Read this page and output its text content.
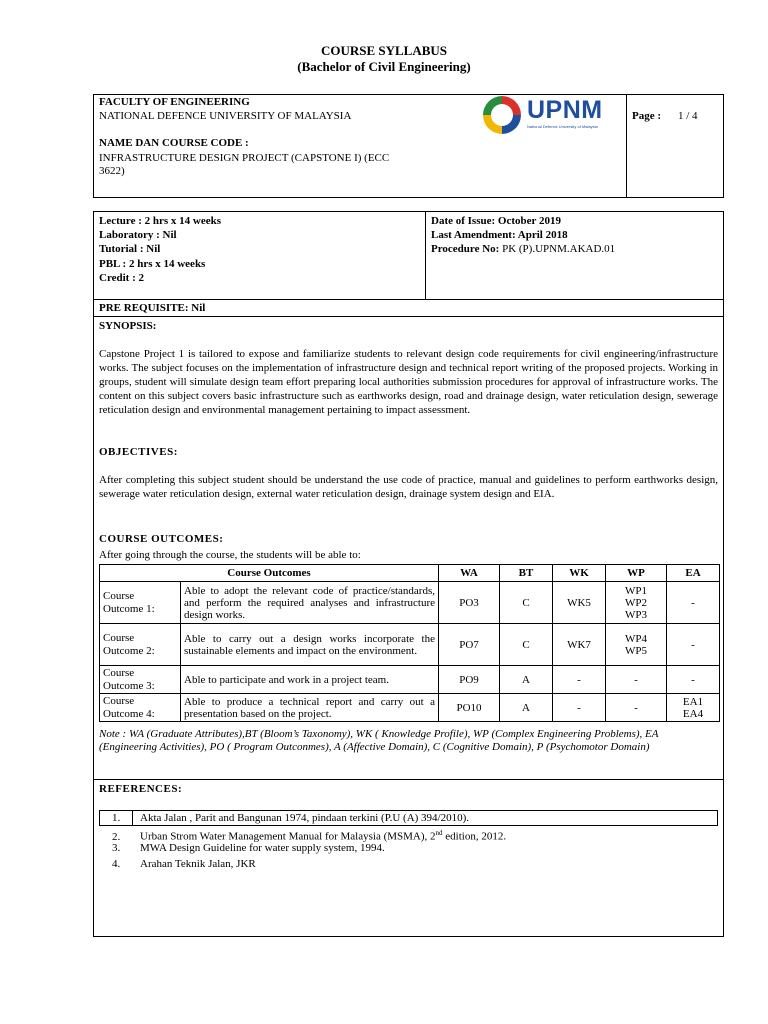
COURSE SYLLABUS
(Bachelor of Civil Engineering)
FACULTY OF ENGINEERING
NATIONAL DEFENCE UNIVERSITY OF MALAYSIA
NAME DAN COURSE CODE :
INFRASTRUCTURE DESIGN PROJECT (CAPSTONE I) (ECC
3622)
UPNM
National Defence University of Malaysia
Page : 1 / 4
Lecture : 2 hrs x 14 weeks
Laboratory : Nil
Tutorial : Nil
PBL : 2 hrs x 14 weeks
Credit : 2
Date of Issue: October 2019
Last Amendment: April 2018
Procedure No: PK (P).UPNM.AKAD.01
PRE REQUISITE: Nil
SYNOPSIS:
Capstone Project 1 is tailored to expose and familiarize students to relevant design code requirements for civil engineering/infrastructure works. The subject focuses on the implementation of infrastructure design and technical report writing of the proposed projects. Working in groups, student will simulate design team effort preparing local authorities submission procedures for approval of infrastructure works. The content on this subject covers basic infrastructure such as earthworks design, road and drainage design, water reticulation design, sewerage reticulation design and environmental management pertaining to impact assessment.
OBJECTIVES:
After completing this subject student should be understand the use code of practice, manual and guidelines to perform earthworks design, sewerage water reticulation design, external water reticulation design, drainage system design and EIA.
COURSE OUTCOMES:
After going through the course, the students will be able to:
Course Outcomes		WA	BT	WK	WP	EA
Course
Outcome 1:	Able to adopt the relevant code of practice/standards, and perform the required analyses and infrastructure design works.	PO3	C	WK5	WP1
WP2
WP3	-
Course
Outcome 2:	Able to carry out a design works incorporate the sustainable elements and impact on the environment.	PO7	C	WK7	WP4
WP5	-
Course
Outcome 3:	Able to participate and work in a project team.	PO9	A	-	-	-
Course
Outcome 4:	Able to produce a technical report and carry out a presentation based on the project.	PO10	A	-	-	EA1
EA4
Note : WA (Graduate Attributes),BT (Bloom’s Taxonomy), WK ( Knowledge Profile), WP (Complex Engineering Problems), EA (Engineering Activities), PO ( Program Outconmes), A (Affective Domain), C (Cognitive Domain), P (Psychomotor Domain)
REFERENCES:
1. Akta Jalan , Parit and Bangunan 1974, pindaan terkini (P.U (A) 394/2010).
2. Urban Strom Water Management Manual for Malaysia (MSMA), 2nd edition, 2012.
3. MWA Design Guideline for water supply system, 1994.
4. Arahan Teknik Jalan, JKR
